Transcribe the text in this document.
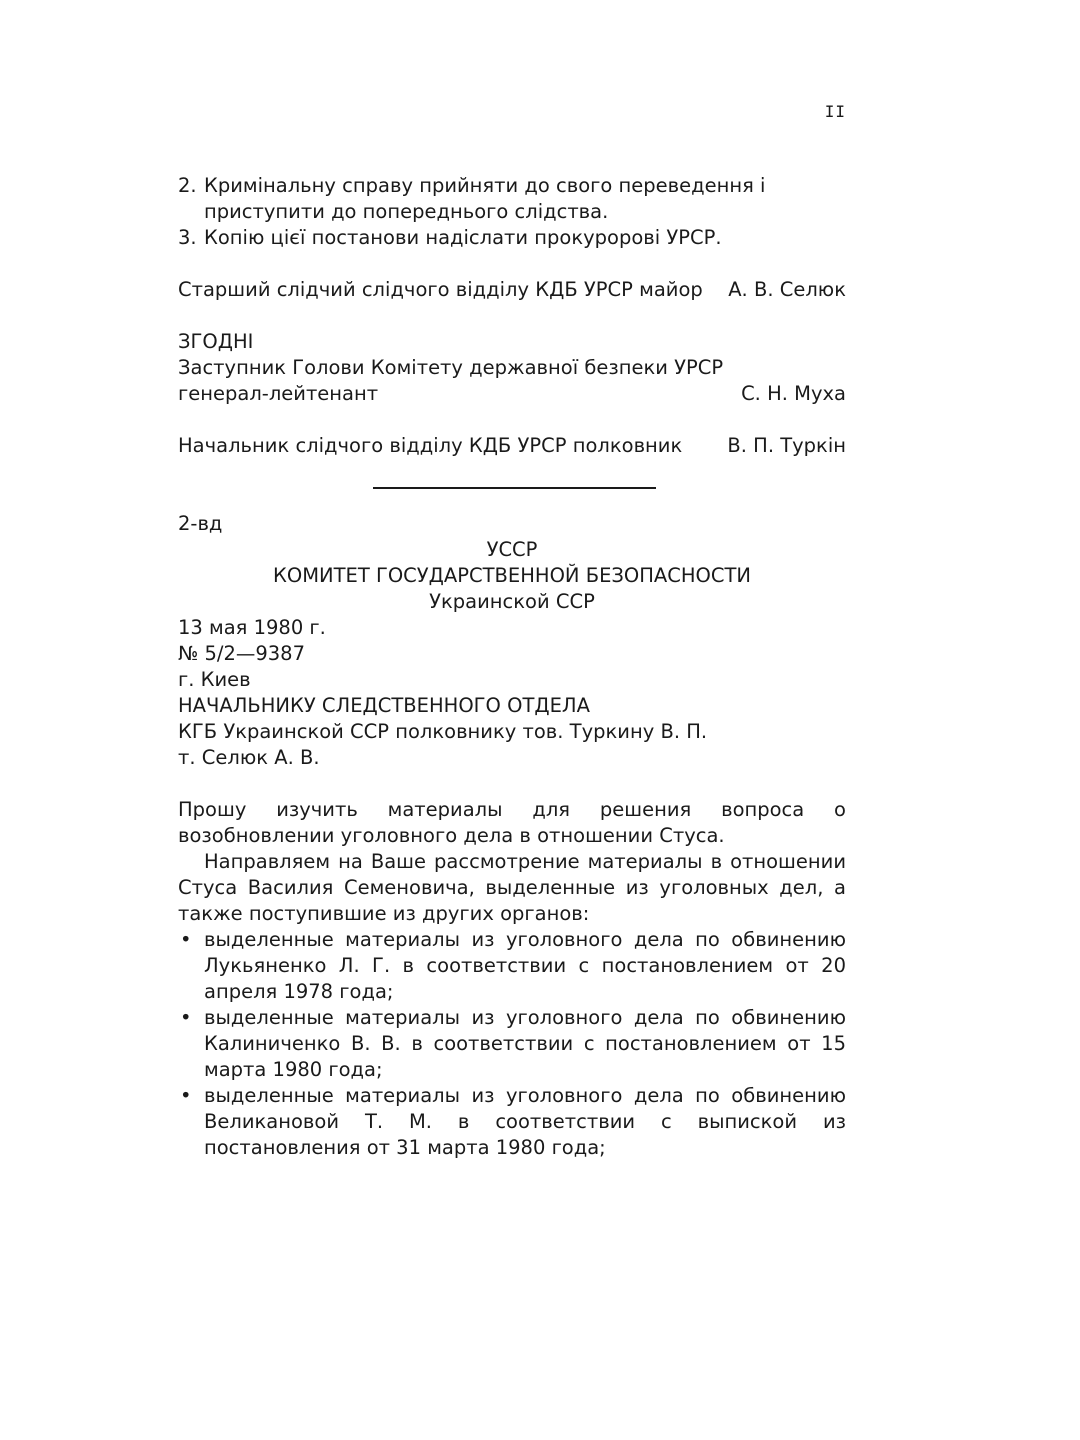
II
2. Кримінальну справу прийняти до свого переведення і приступити до попереднього слідства.
3. Копію цієї постанови надіслати прокуророві УРСР.
Старший слідчий слідчого відділу КДБ УРСР майор А. В. Селюк
ЗГОДНІ
Заступник Голови Комітету державної безпеки УРСР
генерал-лейтенант	С. Н. Муха
Начальник слідчого відділу КДБ УРСР полковник В. П. Туркін
2-вд
УССР
КОМИТЕТ ГОСУДАРСТВЕННОЙ БЕЗОПАСНОСТИ
Украинской ССР
13 мая 1980 г.
№ 5/2—9387
г. Киев
НАЧАЛЬНИКУ СЛЕДСТВЕННОГО ОТДЕЛА
КГБ Украинской ССР полковнику тов. Туркину В. П.
т. Селюк А. В.
Прошу изучить материалы для решения вопроса о возобновлении уголовного дела в отношении Стуса.
Направляем на Ваше рассмотрение материалы в отношении Стуса Василия Семеновича, выделенные из уголовных дел, а также поступившие из других органов:
• выделенные материалы из уголовного дела по обвинению Лукьяненко Л. Г. в соответствии с постановлением от 20 апреля 1978 года;
• выделенные материалы из уголовного дела по обвинению Калиниченко В. В. в соответствии с постановлением от 15 марта 1980 года;
• выделенные материалы из уголовного дела по обвинению Великановой Т. М. в соответствии с выпиской из постановления от 31 марта 1980 года;
